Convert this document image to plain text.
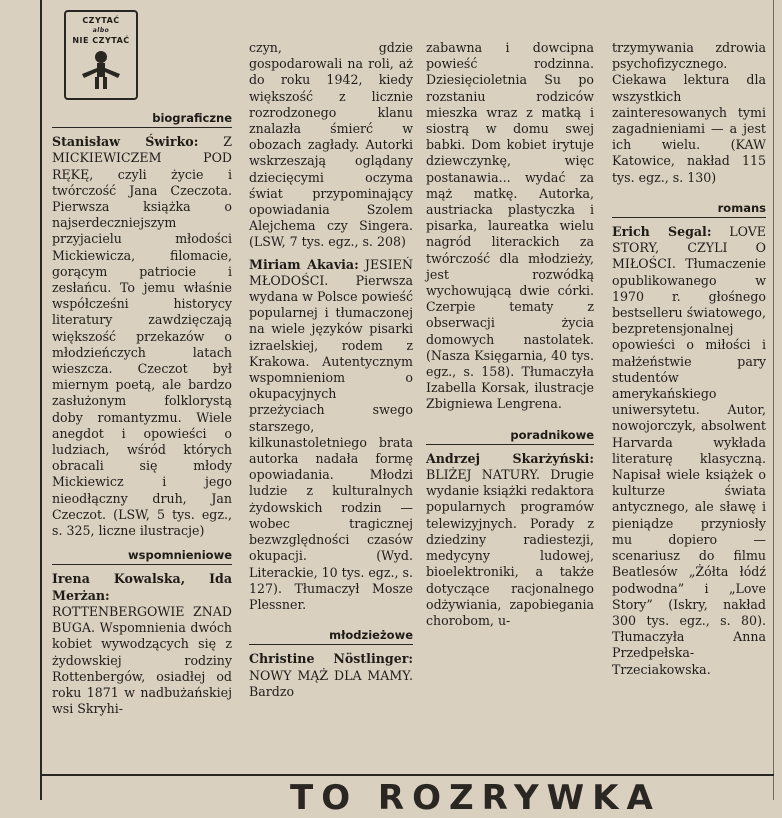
CZYTAĆ
albo
NIE CZYTAĆ
biograficzne

Stanisław Świrko: Z MICKIEWICZEM POD RĘKĘ, czyli życie i twórczość Jana Czeczota. Pierwsza książka o najserdeczniejszym przyjacielu młodości Mickiewicza, filomacie, gorącym patriocie i zesłańcu. To jemu właśnie współcześni historycy literatury zawdzięczają większość przekazów o młodzieńczych latach wieszcza. Czeczot był miernym poetą, ale bardzo zasłużonym folklorystą doby romantyzmu. Wiele anegdot i opowieści o ludziach, wśród których obracali się młody Mickiewicz i jego nieodłączny druh, Jan Czeczot. (LSW, 5 tys. egz., s. 325, liczne ilustracje)

wspomnieniowe

Irena Kowalska, Ida Merżan: ROTTENBERGOWIE ZNAD BUGA. Wspomnienia dwóch kobiet wywodzących się z żydowskiej rodziny Rottenbergów, osiadłej od roku 1871 w nadbużańskiej wsi Skryhi-

czyn, gdzie gospodarowali na roli, aż do roku 1942, kiedy większość z licznie rozrodzonego klanu znalazła śmierć w obozach zagłady. Autorki wskrzeszają oglądany dziecięcymi oczyma świat przypominający opowiadania Szolem Alejchema czy Singera. (LSW, 7 tys. egz., s. 208)

Miriam Akavia: JESIEŃ MŁODOŚCI. Pierwsza wydana w Polsce powieść popularnej i tłumaczonej na wiele języków pisarki izraelskiej, rodem z Krakowa. Autentycznym wspomnieniom o okupacyjnych przeżyciach swego starszego, kilkunastoletniego brata autorka nadała formę opowiadania. Młodzi ludzie z kulturalnych żydowskich rodzin — wobec tragicznej bezwzględności czasów okupacji. (Wyd. Literackie, 10 tys. egz., s. 127). Tłumaczył Mosze Plessner.

młodzieżowe

Christine Nöstlinger: NOWY MĄŻ DLA MAMY. Bardzo

zabawna i dowcipna powieść rodzinna. Dziesięcioletnia Su po rozstaniu rodziców mieszka wraz z matką i siostrą w domu swej babki. Dom kobiet irytuje dziewczynkę, więc postanawia... wydać za mąż matkę. Autorka, austriacka plastyczka i pisarka, laureatka wielu nagród literackich za twórczość dla młodzieży, jest rozwódką wychowującą dwie córki. Czerpie tematy z obserwacji życia domowych nastolatek. (Nasza Księgarnia, 40 tys. egz., s. 158). Tłumaczyła Izabella Korsak, ilustracje Zbigniewa Lengrena.

poradnikowe

Andrzej Skarżyński: BLIŻEJ NATURY. Drugie wydanie książki redaktora popularnych programów telewizyjnych. Porady z dziedziny radiestezji, medycyny ludowej, bioelektroniki, a także dotyczące racjonalnego odżywiania, zapobiegania chorobom, u-

trzymywania zdrowia psychofizycznego. Ciekawa lektura dla wszystkich zainteresowanych tymi zagadnieniami — a jest ich wielu. (KAW Katowice, nakład 115 tys. egz., s. 130)

romans

Erich Segal: LOVE STORY, CZYLI O MIŁOŚCI. Tłumaczenie opublikowanego w 1970 r. głośnego bestselleru światowego, bezpretensjonalnej opowieści o miłości i małżeństwie pary studentów amerykańskiego uniwersytetu. Autor, nowojorczyk, absolwent Harvarda wykłada literaturę klasyczną. Napisał wiele książek o kulturze świata antycznego, ale sławę i pieniądze przyniosły mu dopiero — scenariusz do filmu Beatlesów „Żółta łódź podwodna” i „Love Story” (Iskry, nakład 300 tys. egz., s. 80). Tłumaczyła Anna Przedpełska-Trzeciakowska.

TO ROZRYWKA
